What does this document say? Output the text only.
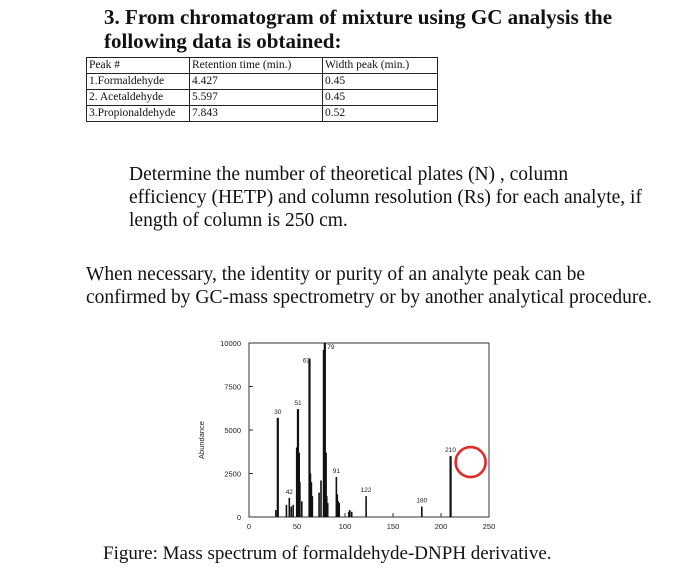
3. From chromatogram of mixture using GC analysis the following data is obtained:
Peak #	Retention time (min.)	Width peak (min.)
1.Formaldehyde	4.427	0.45
2. Acetaldehyde	5.597	0.45
3.Propionaldehyde	7.843	0.52

Determine the number of theoretical plates (N) , column efficiency (HETP) and column resolution (Rs) for each analyte, if length of column is 250 cm.

When necessary, the identity or purity of an analyte peak can be confirmed by GC-mass spectrometry or by another analytical procedure.

0
2500
5000
7500
10000
0	50	100	150	200	250
30
42
51
63
79
91
122
180
210
Abundance

Figure: Mass spectrum of formaldehyde-DNPH derivative.
